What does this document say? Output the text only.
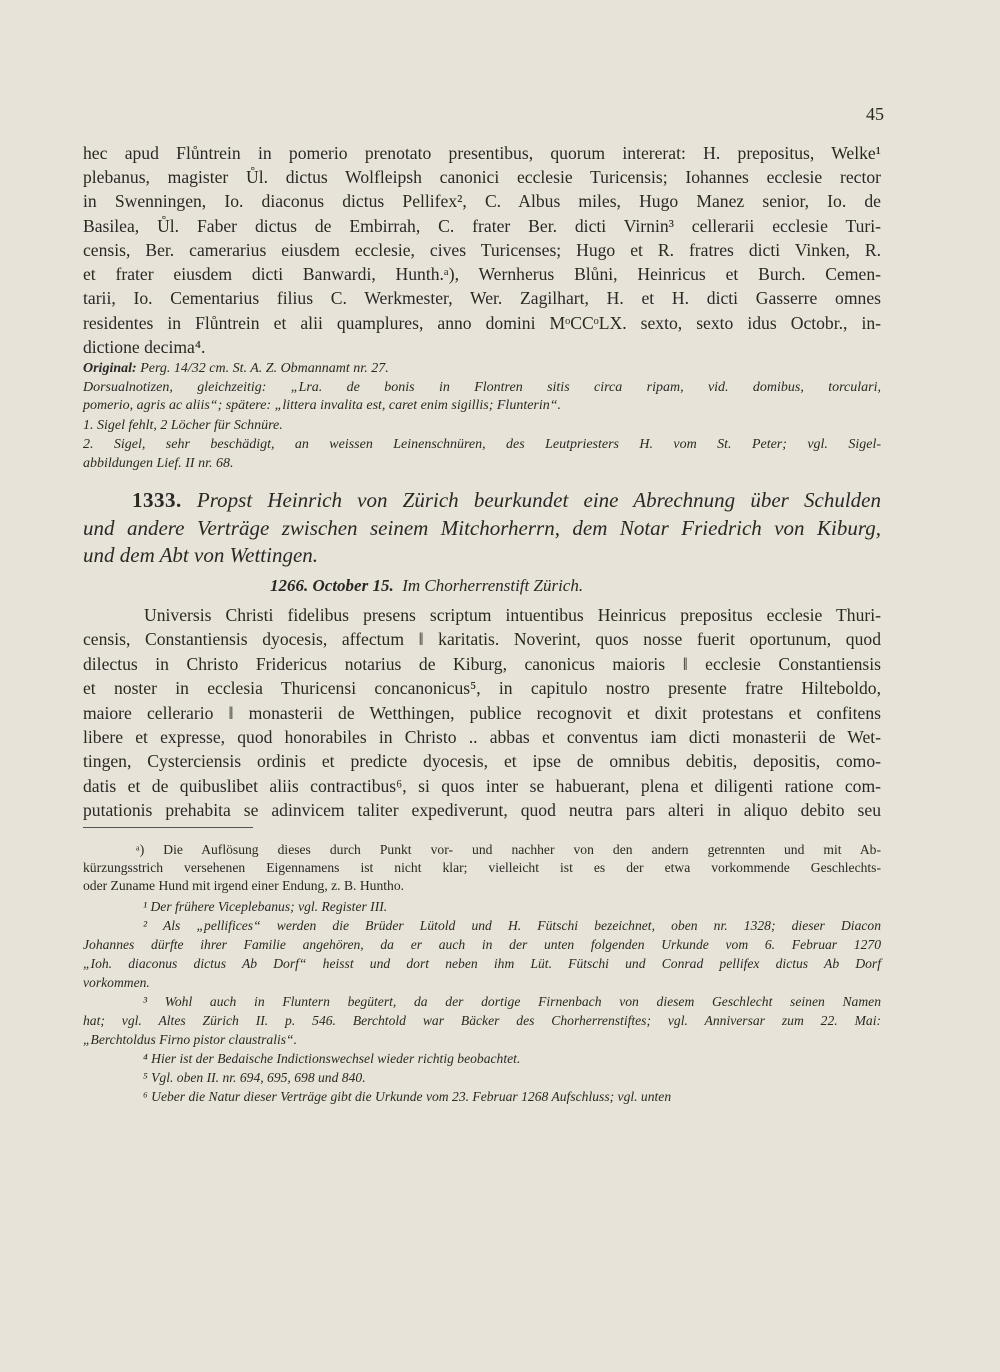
45
hec apud Flůntrein in pomerio prenotato presentibus, quorum intererat: H. prepositus, Welke¹
plebanus, magister Ůl. dictus Wolfleipsh canonici ecclesie Turicensis; Iohannes ecclesie rector
in Swenningen, Io. diaconus dictus Pellifex², C. Albus miles, Hugo Manez senior, Io. de
Basilea, Ůl. Faber dictus de Embirrah, C. frater Ber. dicti Virnin³ cellerarii ecclesie Turi-
censis, Ber. camerarius eiusdem ecclesie, cives Turicenses; Hugo et R. fratres dicti Vinken, R.
et frater eiusdem dicti Banwardi, Hunth.ᵃ), Wernherus Blůni, Heinricus et Burch. Cemen-
tarii, Io. Cementarius filius C. Werkmester, Wer. Zagilhart, H. et H. dicti Gasserre omnes
residentes in Flůntrein et alii quamplures, anno domini MᵒCCᵒLX. sexto, sexto idus Octobr., in-
dictione decima⁴.
Original: Perg. 14/32 cm. St. A. Z. Obmannamt nr. 27.
Dorsualnotizen, gleichzeitig: „Lra. de bonis in Flontren sitis circa ripam, vid. domibus, torculari,
pomerio, agris ac aliis“; spätere: „littera invalita est, caret enim sigillis; Flunterin“.
1. Sigel fehlt, 2 Löcher für Schnüre.
2. Sigel, sehr beschädigt, an weissen Leinenschnüren, des Leutpriesters H. vom St. Peter; vgl. Sigel-
abbildungen Lief. II nr. 68.
1333. Propst Heinrich von Zürich beurkundet eine Abrechnung über Schulden
und andere Verträge zwischen seinem Mitchorherrn, dem Notar Friedrich von Kiburg,
und dem Abt von Wettingen.
1266. October 15. Im Chorherrenstift Zürich.
Universis Christi fidelibus presens scriptum intuentibus Heinricus prepositus ecclesie Thuri-
censis, Constantiensis dyocesis, affectum ‖ karitatis. Noverint, quos nosse fuerit oportunum, quod
dilectus in Christo Fridericus notarius de Kiburg, canonicus maioris ‖ ecclesie Constantiensis
et noster in ecclesia Thuricensi concanonicus⁵, in capitulo nostro presente fratre Hilteboldo,
maiore cellerario ‖ monasterii de Wetthingen, publice recognovit et dixit protestans et confitens
libere et expresse, quod honorabiles in Christo .. abbas et conventus iam dicti monasterii de Wet-
tingen, Cysterciensis ordinis et predicte dyocesis, et ipse de omnibus debitis, depositis, como-
datis et de quibuslibet aliis contractibus⁶, si quos inter se habuerant, plena et diligenti ratione com-
putationis prehabita se adinvicem taliter expediverunt, quod neutra pars alteri in aliquo debito seu
ᵃ) Die Auflösung dieses durch Punkt vor- und nachher von den andern getrennten und mit Ab-
kürzungsstrich versehenen Eigennamens ist nicht klar; vielleicht ist es der etwa vorkommende Geschlechts-
oder Zuname Hund mit irgend einer Endung, z. B. Huntho.
¹ Der frühere Viceplebanus; vgl. Register III.
² Als „pellifices“ werden die Brüder Lütold und H. Fütschi bezeichnet, oben nr. 1328; dieser Diacon
Johannes dürfte ihrer Familie angehören, da er auch in der unten folgenden Urkunde vom 6. Februar 1270
„Ioh. diaconus dictus Ab Dorf“ heisst und dort neben ihm Lüt. Fütschi und Conrad pellifex dictus Ab Dorf
vorkommen.
³ Wohl auch in Fluntern begütert, da der dortige Firnenbach von diesem Geschlecht seinen Namen
hat; vgl. Altes Zürich II. p. 546. Berchtold war Bäcker des Chorherrenstiftes; vgl. Anniversar zum 22. Mai:
„Berchtoldus Firno pistor claustralis“.
⁴ Hier ist der Bedaische Indictionswechsel wieder richtig beobachtet.
⁵ Vgl. oben II. nr. 694, 695, 698 und 840.
⁶ Ueber die Natur dieser Verträge gibt die Urkunde vom 23. Februar 1268 Aufschluss; vgl. unten
